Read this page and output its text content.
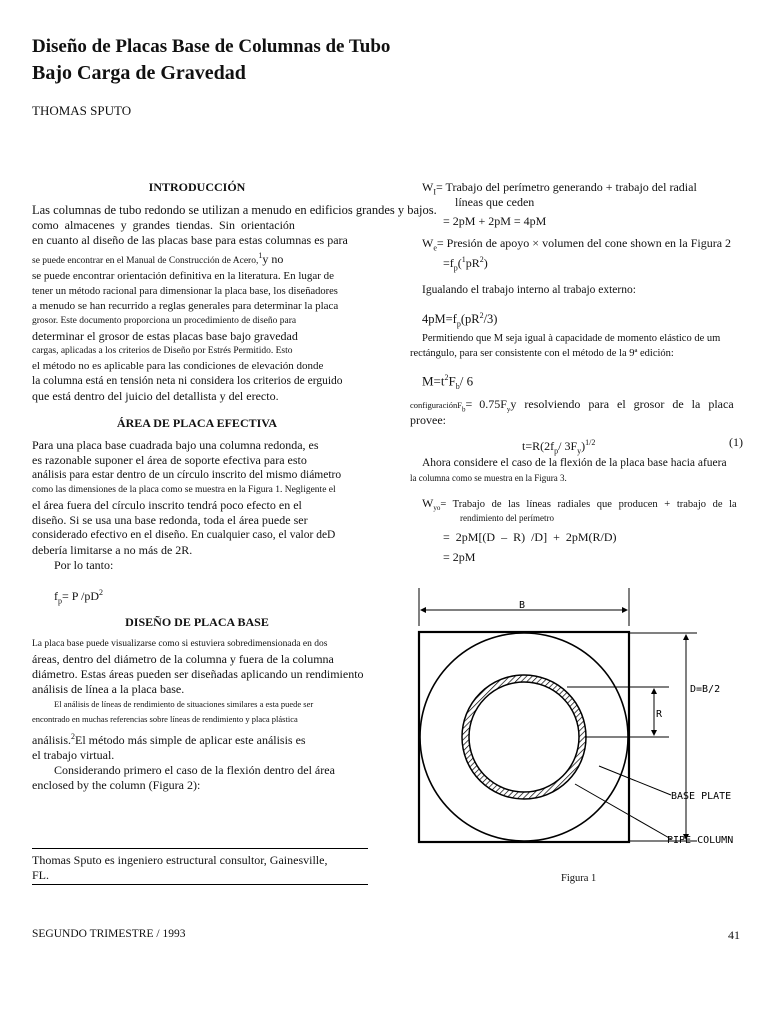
Diseño de Placas Base de Columnas de Tubo
Bajo Carga de Gravedad
THOMAS SPUTO
INTRODUCCIÓN
Las columnas de tubo redondo se utilizan a menudo en edificios grandes y bajos.
como almacenes y grandes tiendas. Sin orientación
en cuanto al diseño de las placas base para estas columnas es para
se puede encontrar en el Manual de Construcción de Acero,$^1$y no
se puede encontrar orientación definitiva en la literatura. En lugar de
tener un método racional para dimensionar la placa base, los diseñadores
a menudo se han recurrido a reglas generales para determinar la placa
grosor. Este documento proporciona un procedimiento de diseño para
determinar el grosor de estas placas base bajo gravedad
cargas, aplicadas a los criterios de Diseño por Estrés Permitido. Esto
el método no es aplicable para las condiciones de elevación donde
la columna está en tensión neta ni considera los criterios de erguido
que está dentro del juicio del detallista y del erecto.
ÁREA DE PLACA EFECTIVA
Para una placa base cuadrada bajo una columna redonda, es
es razonable suponer el área de soporte efectiva para esto
análisis para estar dentro de un círculo inscrito del mismo diámetro
como las dimensiones de la placa como se muestra en la Figura 1. Negligente el
el área fuera del círculo inscrito tendrá poco efecto en el
diseño. Si se usa una base redonda, toda el área puede ser
considerado efectivo en el diseño. En cualquier caso, el valor deD
debería limitarse a no más de 2R.
Por lo tanto:
$f_p= P$ $/pD^2$
DISEÑO DE PLACA BASE
La placa base puede visualizarse como si estuviera sobredimensionada en dos
áreas, dentro del diámetro de la columna y fuera de la columna
diámetro. Estas áreas pueden ser diseñadas aplicando un rendimiento
análisis de línea a la placa base.
El análisis de líneas de rendimiento de situaciones similares a esta puede ser
encontrado en muchas referencias sobre líneas de rendimiento y placa plástica
análisis.$^2$El método más simple de aplicar este análisis es
el trabajo virtual.
Considerando primero el caso de la flexión dentro del área
enclosed by the column (Figura 2):
Thomas Sputo es ingeniero estructural consultor, Gainesville,
FL.
$W_I=$ Trabajo del perímetro generando + trabajo del radial
líneas que ceden
= 2pM + 2pM = 4pM
$W_e=$ Presión de apoyo × volumen del cone shown en la Figura 2
$=f_p(^1pR^2)$
Igualando el trabajo interno al trabajo externo:
$4pM=f_p(pR^2/3)$
Permitiendo que M seja igual à capacidade de momento elástico de um
rectángulo, para ser consistente con el método de la 9ª edición:
$M=t^2F_b/$ 6
configuraciónF$_b$= $0.75F_yy$ resolviendo para el grosor de la placa
provee:
$t=R(2f_p/$ $3F_y)^{1/2}$	(1)
Ahora considere el caso de la flexión de la placa base hacia afuera
la columna como se muestra en la Figura 3.
$W_{yo}=$ Trabajo de las líneas radiales que producen + trabajo de la
rendimiento del perímetro
= 2pM[(D – R) /D] + 2pM(R/D)
= 2pM
B
D=B/2
R
BASE PLATE
PIPE COLUMN
Figura 1
SEGUNDO TRIMESTRE / 1993	41
